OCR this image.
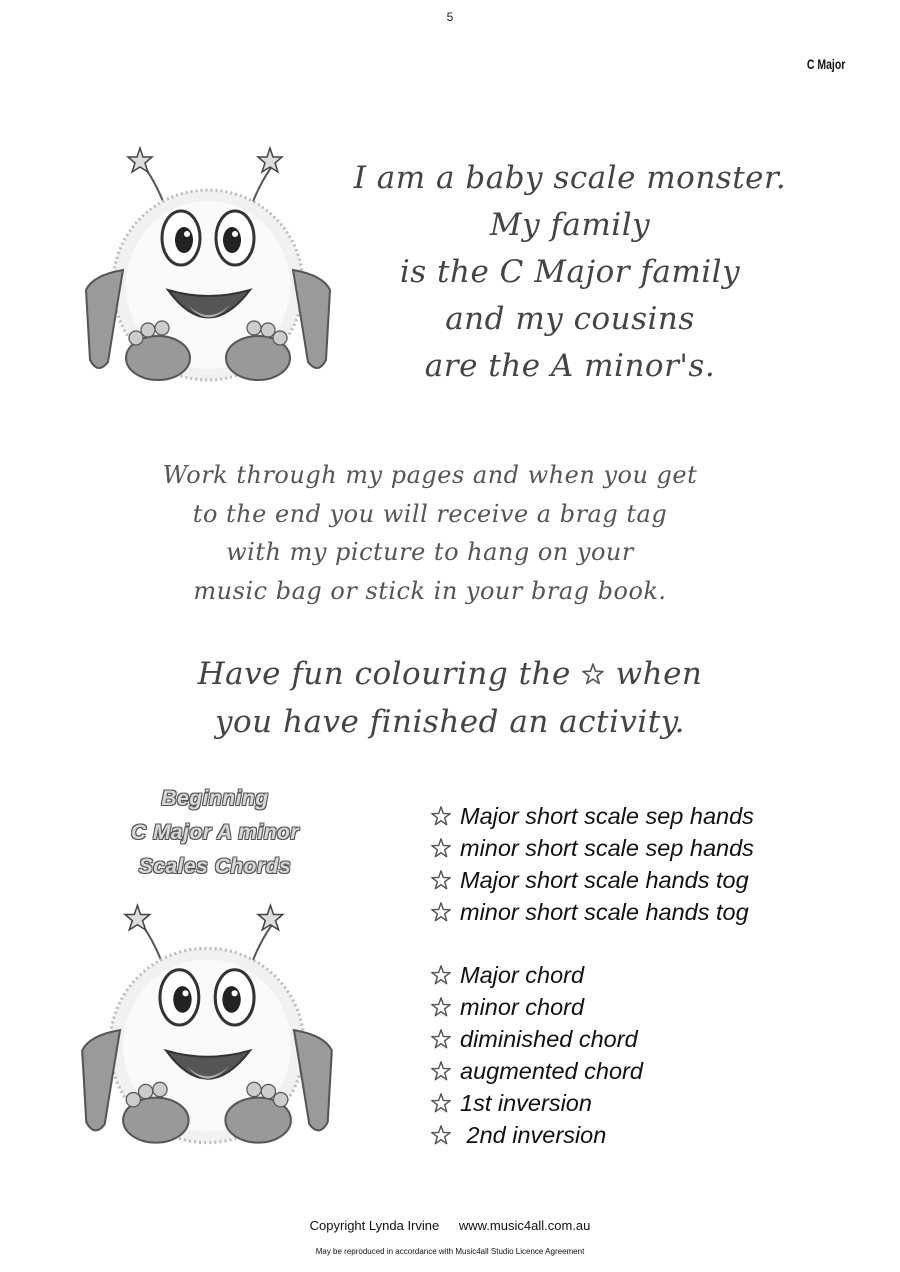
5
C Major
I am a baby scale monster.
My family
is the C Major family
and my cousins
are the A minor's.
Work through my pages and when you get
to the end you will receive a brag tag
with my picture to hang on your
music bag or stick in your brag book.
Have fun colouring the when
you have finished an activity.
Beginning
C Major A minor
Scales Chords
Major short scale sep hands
minor short scale sep hands
Major short scale hands tog
minor short scale hands tog
Major chord
minor chord
diminished chord
augmented chord
1st inversion
2nd inversion
Copyright Lynda Irvine www.music4all.com.au
May be reproduced in accordance with Music4all Studio Licence Agreement
